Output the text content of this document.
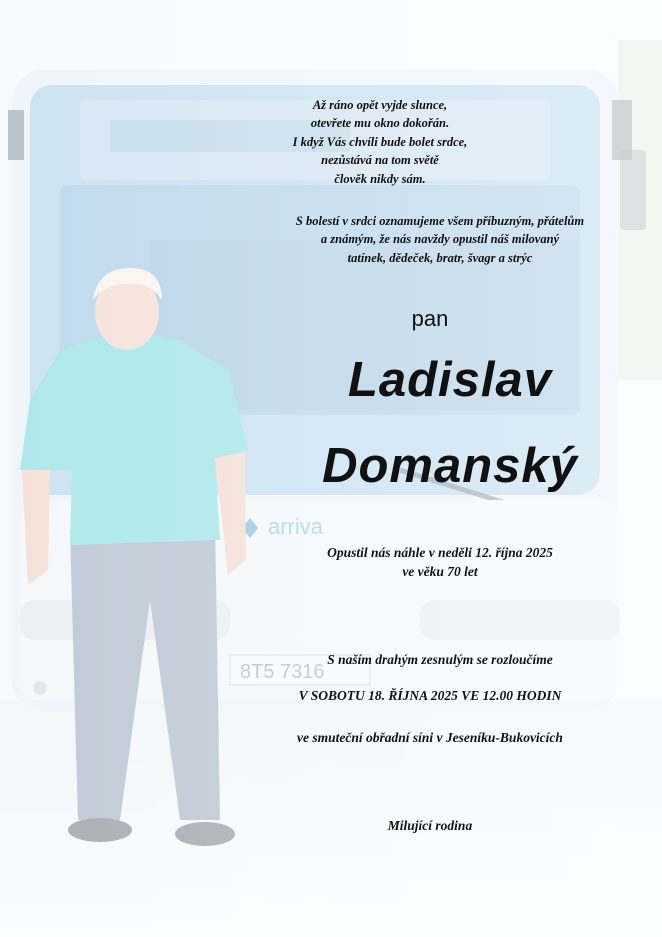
Až ráno opět vyjde slunce,
otevřete mu okno dokořán.
I když Vás chvíli bude bolet srdce,
nezůstává na tom světě
člověk nikdy sám.
S bolestí v srdci oznamujeme všem příbuzným, přátelům
a známým, že nás navždy opustil náš milovaný
tatínek, dědeček, bratr, švagr a strýc
pan
Ladislav
Domanský
Opustil nás náhle v neděli 12. října 2025
ve věku 70 let
S naším drahým zesnulým se rozloučíme
V SOBOTU 18. ŘÍJNA 2025 VE 12.00 HODIN
ve smuteční obřadní síni v Jeseníku-Bukovicích
Milující rodina
